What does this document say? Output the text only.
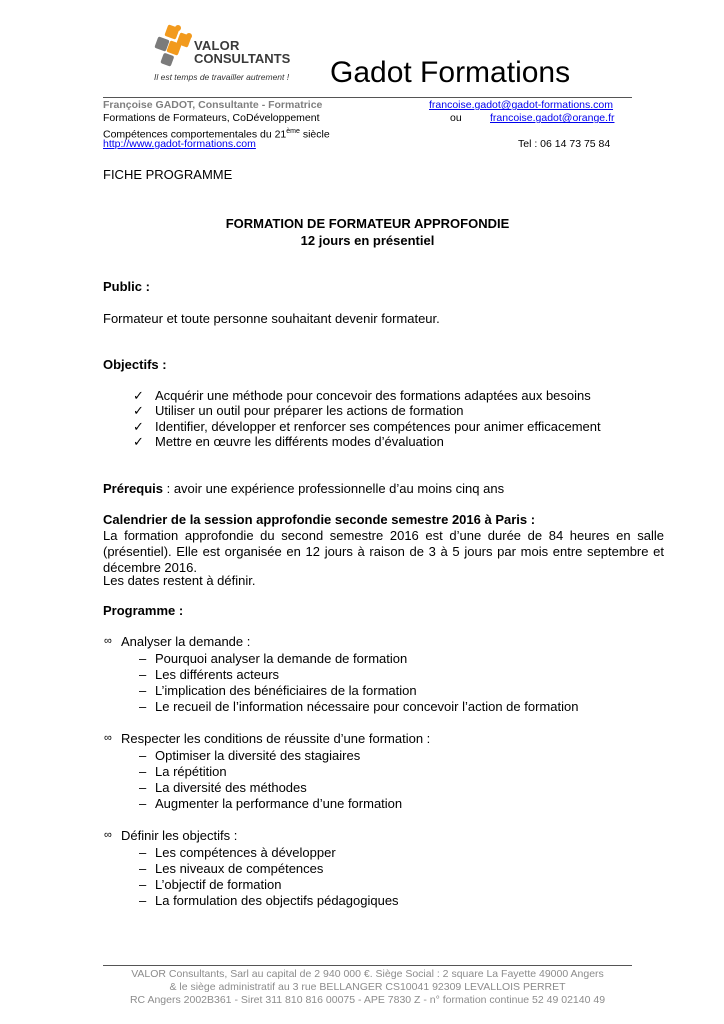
VALOR
CONSULTANTS
Il est temps de travailler autrement ! Gadot Formations
Françoise GADOT, Consultante - Formatrice	francoise.gadot@gadot-formations.com
Formations de Formateurs, CoDéveloppement	ou	francoise.gadot@orange.fr
Compétences comportementales du 21ème siècle
http://www.gadot-formations.com	Tel : 06 14 73 75 84
FICHE PROGRAMME
FORMATION DE FORMATEUR APPROFONDIE
12 jours en présentiel
Public :
Formateur et toute personne souhaitant devenir formateur.
Objectifs :
✓ Acquérir une méthode pour concevoir des formations adaptées aux besoins
✓ Utiliser un outil pour préparer les actions de formation
✓ Identifier, développer et renforcer ses compétences pour animer efficacement
✓ Mettre en œuvre les différents modes d’évaluation
Prérequis : avoir une expérience professionnelle d’au moins cinq ans
Calendrier de la session approfondie seconde semestre 2016 à Paris :
La formation approfondie du second semestre 2016 est d’une durée de 84 heures en salle (présentiel). Elle est organisée en 12 jours à raison de 3 à 5 jours par mois entre septembre et décembre 2016.
Les dates restent à définir.
Programme :
∞ Analyser la demande :
– Pourquoi analyser la demande de formation
– Les différents acteurs
– L’implication des bénéficiaires de la formation
– Le recueil de l’information nécessaire pour concevoir l’action de formation
∞ Respecter les conditions de réussite d’une formation :
– Optimiser la diversité des stagiaires
– La répétition
– La diversité des méthodes
– Augmenter la performance d’une formation
∞ Définir les objectifs :
– Les compétences à développer
– Les niveaux de compétences
– L’objectif de formation
– La formulation des objectifs pédagogiques
VALOR Consultants, Sarl au capital de 2 940 000 €. Siège Social : 2 square La Fayette 49000 Angers
& le siège administratif au 3 rue BELLANGER CS10041 92309 LEVALLOIS PERRET
RC Angers 2002B361 - Siret 311 810 816 00075 - APE 7830 Z - n° formation continue 52 49 02140 49
